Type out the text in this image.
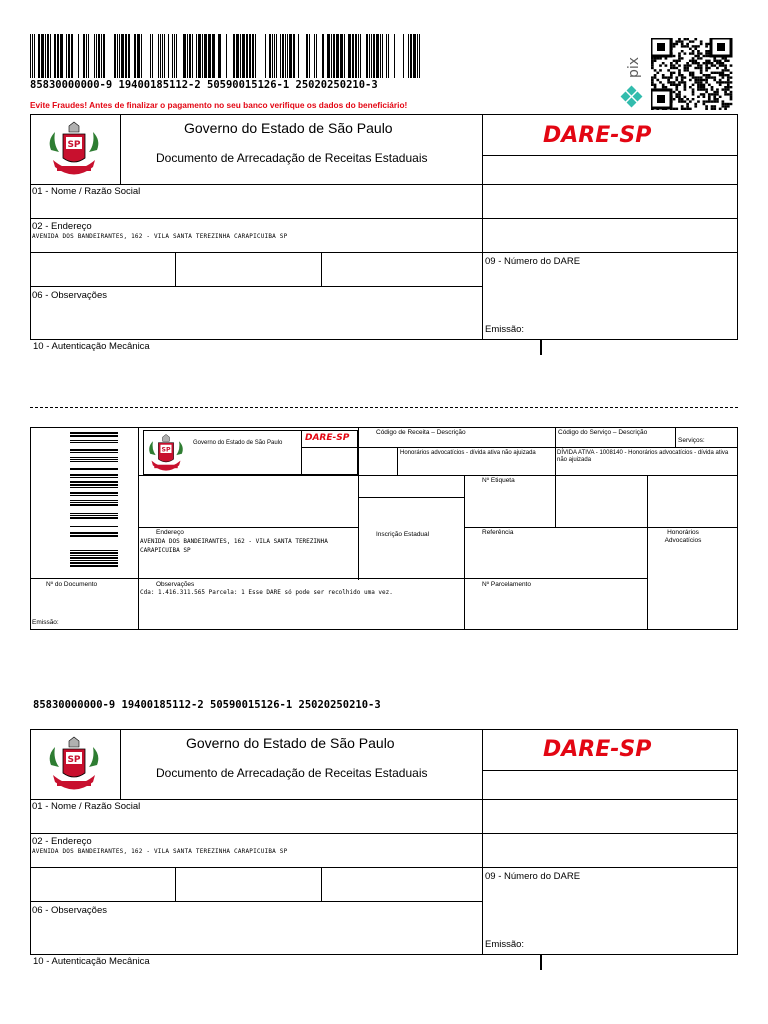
85830000000-9 19400185112-2 50590015126-1 25020250210-3
Evite Fraudes! Antes de finalizar o pagamento no seu banco verifique os dados do beneficiário!
pix
SP
Governo do Estado de São Paulo
Documento de Arrecadação de Receitas Estaduais
DARE-SP
01 - Nome / Razão Social
02 - Endereço
AVENIDA DOS BANDEIRANTES, 162 - VILA SANTA TEREZINHA CARAPICUIBA SP
06 - Observações
09 - Número do DARE
Emissão:
10 - Autenticação Mecânica
SP
Governo do Estado de São Paulo	DARE-SP
Código de Receita – Descrição	Código do Serviço – Descrição
Serviços:
Honorários advocatícios - dívida ativa não ajuizada	DÍVIDA ATIVA - 1008140 - Honorários advocatícios - dívida ativa não ajuizada
Nº Etiqueta
Endereço
AVENIDA DOS BANDEIRANTES, 162 - VILA SANTA TEREZINHA CARAPICUIBA SP
Inscrição Estadual	Referência	Honorários Advocatícios
Nº do Documento	Observações
Cda: 1.416.311.565 Parcela: 1 Esse DARE só pode ser recolhido uma vez.
Nº Parcelamento
Emissão:
85830000000-9 19400185112-2 50590015126-1 25020250210-3
SP
Governo do Estado de São Paulo
Documento de Arrecadação de Receitas Estaduais
DARE-SP
01 - Nome / Razão Social
02 - Endereço
AVENIDA DOS BANDEIRANTES, 162 - VILA SANTA TEREZINHA CARAPICUIBA SP
06 - Observações
09 - Número do DARE
Emissão:
10 - Autenticação Mecânica
